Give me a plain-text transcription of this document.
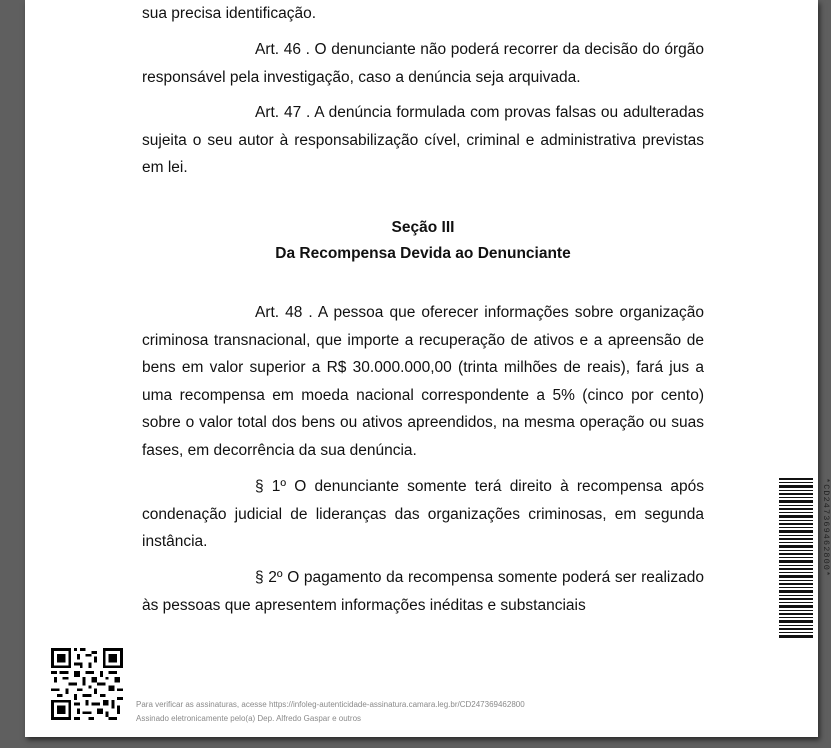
sua precisa identificação.
Art. 46 . O denunciante não poderá recorrer da decisão do órgão responsável pela investigação, caso a denúncia seja arquivada.
Art. 47 . A denúncia formulada com provas falsas ou adulteradas sujeita o seu autor à responsabilização cível, criminal e administrativa previstas em lei.
Seção III
Da Recompensa Devida ao Denunciante
Art. 48 . A pessoa que oferecer informações sobre organização criminosa transnacional, que importe a recuperação de ativos e a apreensão de bens em valor superior a R$ 30.000.000,00 (trinta milhões de reais), fará jus a uma recompensa em moeda nacional correspondente a 5% (cinco por cento) sobre o valor total dos bens ou ativos apreendidos, na mesma operação ou suas fases, em decorrência da sua denúncia.
§ 1º O denunciante somente terá direito à recompensa após condenação judicial de lideranças das organizações criminosas, em segunda instância.
§ 2º O pagamento da recompensa somente poderá ser realizado às pessoas que apresentem informações inéditas e substanciais
Para verificar as assinaturas, acesse https://infoleg-autenticidade-assinatura.camara.leg.br/CD247369462800
Assinado eletronicamente pelo(a) Dep. Alfredo Gaspar e outros
*CD247369462800*
